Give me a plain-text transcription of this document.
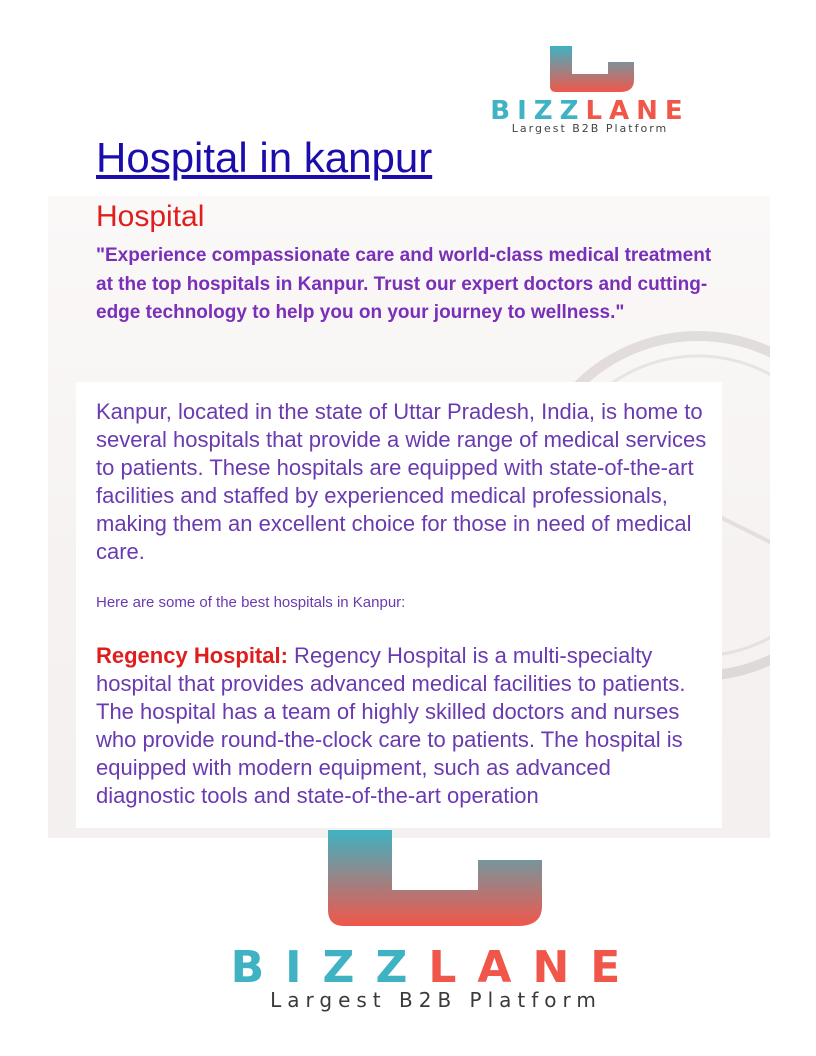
BIZZLANE
Largest B2B Platform
Hospital in kanpur
Hospital

"Experience compassionate care and world-class medical treatment at the top hospitals in Kanpur. Trust our expert doctors and cutting-edge technology to help you on your journey to wellness."

Kanpur, located in the state of Uttar Pradesh, India, is home to several hospitals that provide a wide range of medical services to patients. These hospitals are equipped with state-of-the-art facilities and staffed by experienced medical professionals, making them an excellent choice for those in need of medical care.

Here are some of the best hospitals in Kanpur:

Regency Hospital: Regency Hospital is a multi-specialty hospital that provides advanced medical facilities to patients. The hospital has a team of highly skilled doctors and nurses who provide round-the-clock care to patients. The hospital is equipped with modern equipment, such as advanced diagnostic tools and state-of-the-art operation

BIZZLANE
Largest B2B Platform
